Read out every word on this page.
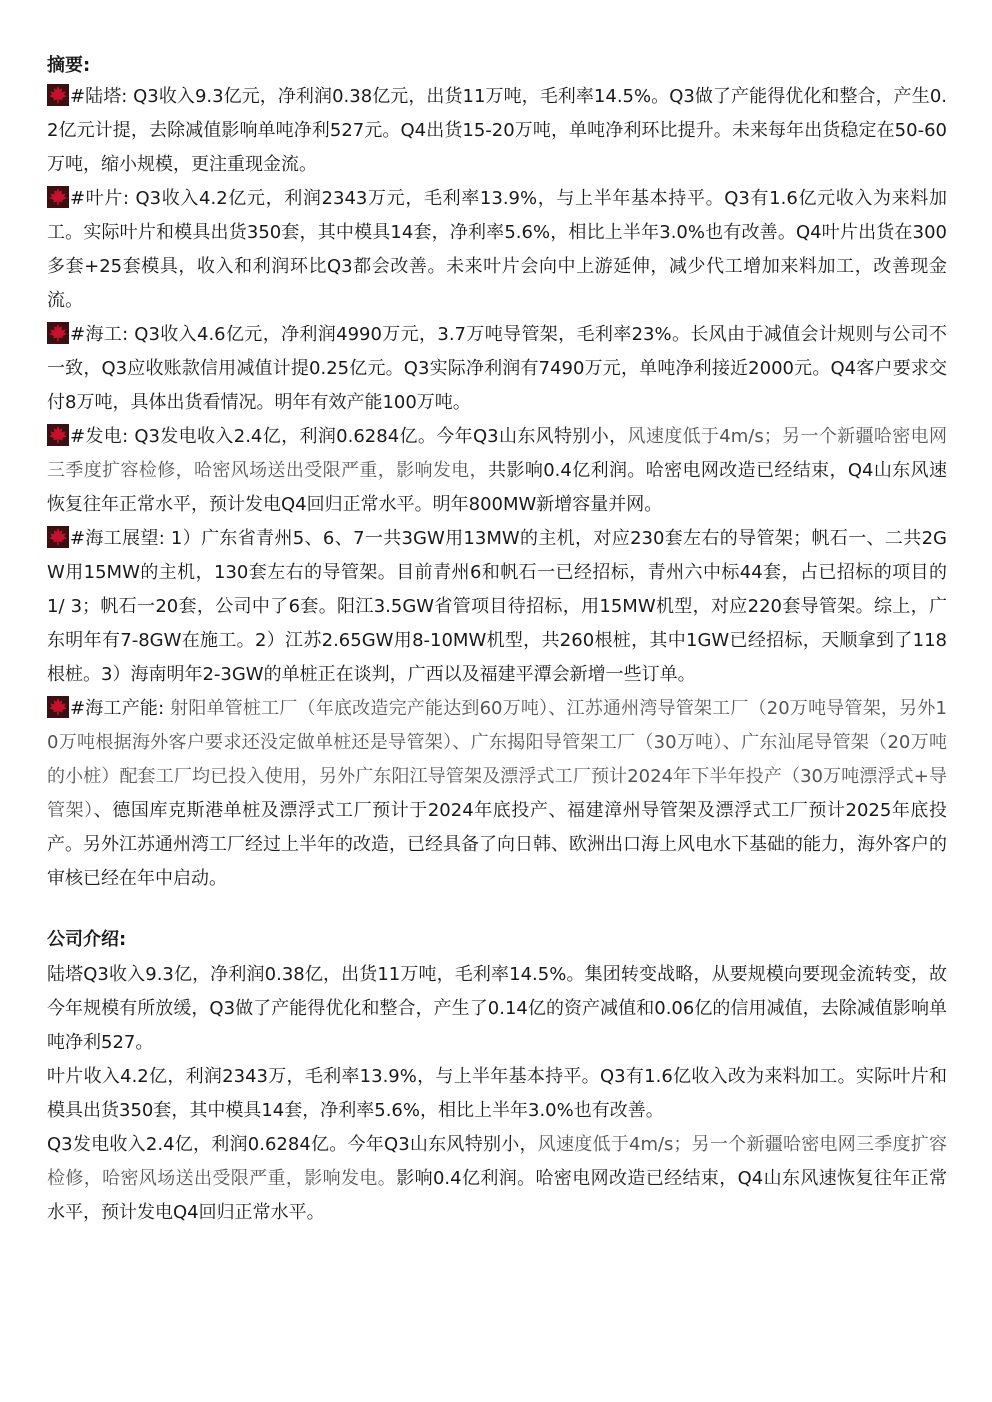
摘要:

#陆塔: Q3收入9.3亿元，净利润0.38亿元，出货11万吨，毛利率14.5%。Q3做了产能得优化和整合，产生0.2亿元计提，去除减值影响单吨净利527元。Q4出货15-20万吨，单吨净利环比提升。未来每年出货稳定在50-60万吨，缩小规模，更注重现金流。

#叶片: Q3收入4.2亿元，利润2343万元，毛利率13.9%，与上半年基本持平。Q3有1.6亿元收入为来料加工。实际叶片和模具出货350套，其中模具14套，净利率5.6%，相比上半年3.0%也有改善。Q4叶片出货在300多套+25套模具，收入和利润环比Q3都会改善。未来叶片会向中上游延伸，减少代工增加来料加工，改善现金流。

#海工: Q3收入4.6亿元，净利润4990万元，3.7万吨导管架，毛利率23%。长风由于减值会计规则与公司不一致，Q3应收账款信用减值计提0.25亿元。Q3实际净利润有7490万元，单吨净利接近2000元。Q4客户要求交付8万吨，具体出货看情况。明年有效产能100万吨。

#发电: Q3发电收入2.4亿，利润0.6284亿。今年Q3山东风特别小，风速度低于4m/s；另一个新疆哈密电网三季度扩容检修，哈密风场送出受限严重，影响发电，共影响0.4亿利润。哈密电网改造已经结束，Q4山东风速恢复往年正常水平，预计发电Q4回归正常水平。明年800MW新增容量并网。

#海工展望: 1）广东省青州5、6、7一共3GW用13MW的主机，对应230套左右的导管架；帆石一、二共2GW用15MW的主机，130套左右的导管架。目前青州6和帆石一已经招标，青州六中标44套，占已招标的项目的 1/ 3；帆石一20套，公司中了6套。阳江3.5GW省管项目待招标，用15MW机型，对应220套导管架。综上，广东明年有7-8GW在施工。2）江苏2.65GW用8-10MW机型，共260根桩，其中1GW已经招标，天顺拿到了118根桩。3）海南明年2-3GW的单桩正在谈判，广西以及福建平潭会新增一些订单。

#海工产能: 射阳单管桩工厂（年底改造完产能达到60万吨）、江苏通州湾导管架工厂（20万吨导管架，另外10万吨根据海外客户要求还没定做单桩还是导管架）、广东揭阳导管架工厂（30万吨）、广东汕尾导管架（20万吨的小桩）配套工厂均已投入使用，另外广东阳江导管架及漂浮式工厂预计2024年下半年投产（30万吨漂浮式+导管架）、德国库克斯港单桩及漂浮式工厂预计于2024年底投产、福建漳州导管架及漂浮式工厂预计2025年底投产。另外江苏通州湾工厂经过上半年的改造，已经具备了向日韩、欧洲出口海上风电水下基础的能力，海外客户的审核已经在年中启动。

公司介绍:

陆塔Q3收入9.3亿，净利润0.38亿，出货11万吨，毛利率14.5%。集团转变战略，从要规模向要现金流转变，故今年规模有所放缓，Q3做了产能得优化和整合，产生了0.14亿的资产减值和0.06亿的信用减值，去除减值影响单吨净利527。

叶片收入4.2亿，利润2343万，毛利率13.9%，与上半年基本持平。Q3有1.6亿收入改为来料加工。实际叶片和模具出货350套，其中模具14套，净利率5.6%，相比上半年3.0%也有改善。

Q3发电收入2.4亿，利润0.6284亿。今年Q3山东风特别小，风速度低于4m/s；另一个新疆哈密电网三季度扩容检修，哈密风场送出受限严重，影响发电。影响0.4亿利润。哈密电网改造已经结束，Q4山东风速恢复往年正常水平，预计发电Q4回归正常水平。
